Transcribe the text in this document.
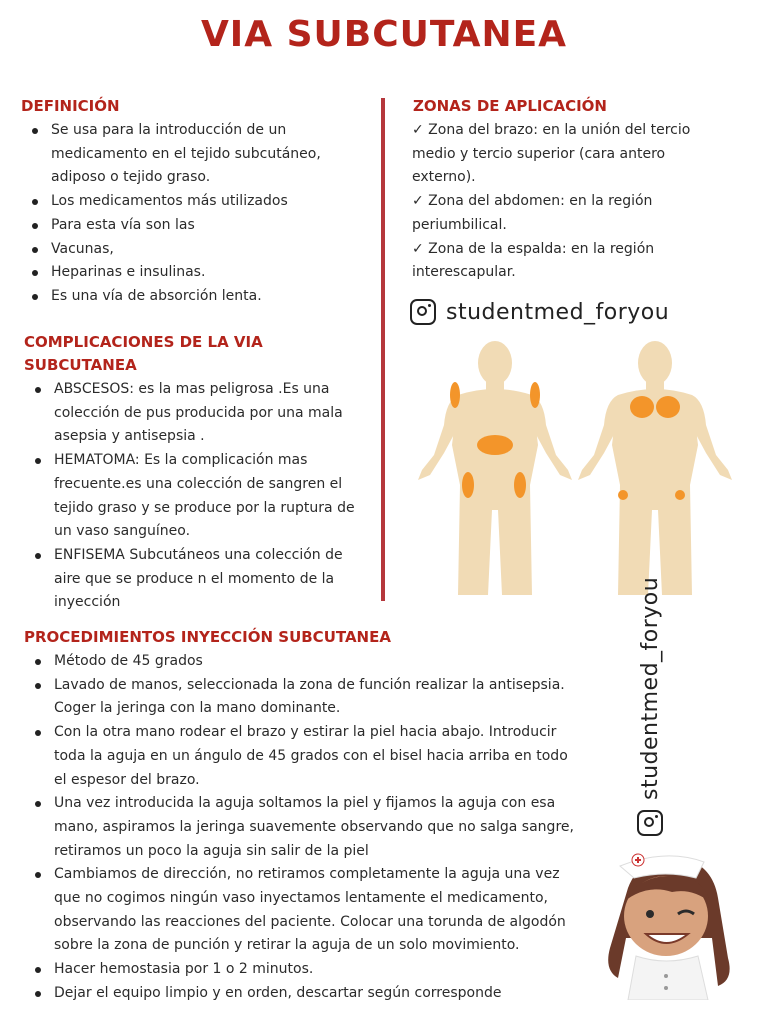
VIA SUBCUTANEA
DEFINICIÓN
Se usa para la introducción de un medicamento en el tejido subcutáneo, adiposo o tejido graso.
Los medicamentos más utilizados
Para esta vía son las
Vacunas,
Heparinas e insulinas.
Es una vía de absorción lenta.
COMPLICACIONES DE LA VIA
SUBCUTANEA
ABSCESOS: es la mas peligrosa .Es una colección de pus producida por una mala asepsia y antisepsia .
HEMATOMA: Es la complicación mas frecuente.es una colección de sangren el tejido graso y se produce por la ruptura de un vaso sanguíneo.
ENFISEMA Subcutáneos una colección de aire que se produce n el momento de la inyección
ZONAS DE APLICACIÓN
✓ Zona del brazo: en la unión del tercio medio y tercio superior (cara antero externo).
✓ Zona del abdomen: en la región periumbilical.
✓ Zona de la espalda: en la región interescapular.
studentmed_foryou
studentmed_foryou
PROCEDIMIENTOS INYECCIÓN SUBCUTANEA
Método de 45 grados
Lavado de manos, seleccionada la zona de función realizar la antisepsia. Coger la jeringa con la mano dominante.
Con la otra mano rodear el brazo y estirar la piel hacia abajo. Introducir toda la aguja en un ángulo de 45 grados con el bisel hacia arriba en todo el espesor del brazo.
Una vez introducida la aguja soltamos la piel y fijamos la aguja con esa mano, aspiramos la jeringa suavemente observando que no salga sangre, retiramos un poco la aguja sin salir de la piel
Cambiamos de dirección, no retiramos completamente la aguja una vez que no cogimos ningún vaso inyectamos lentamente el medicamento, observando las reacciones del paciente. Colocar una torunda de algodón sobre la zona de punción y retirar la aguja de un solo movimiento.
Hacer hemostasia por 1 o 2 minutos.
Dejar el equipo limpio y en orden, descartar según corresponde
